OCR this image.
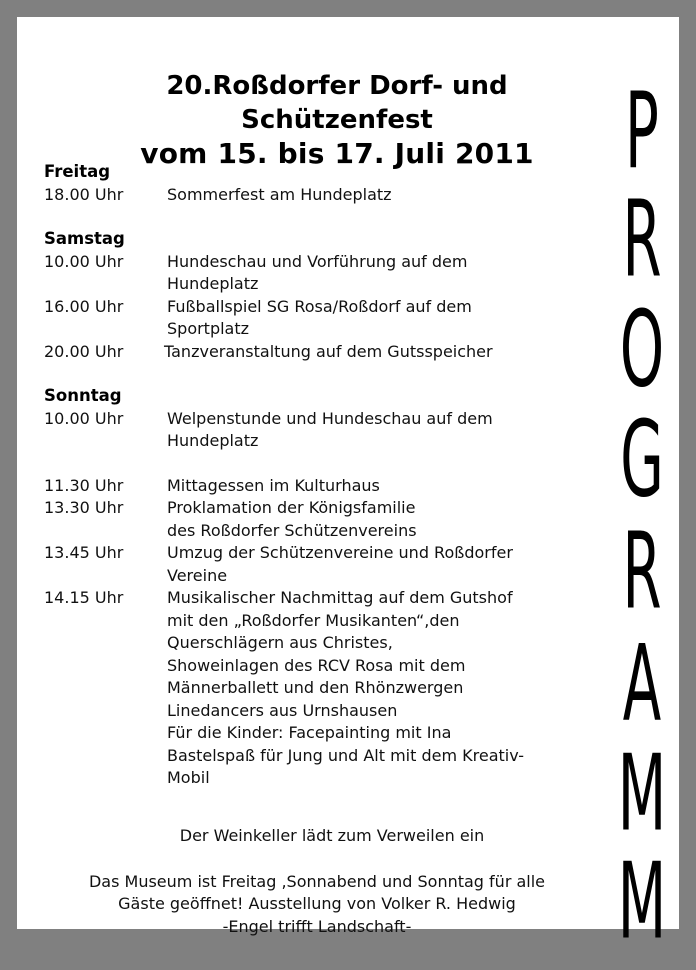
20.Roßdorfer Dorf- und
Schützenfest
vom 15. bis 17. Juli 2011
Freitag
18.00 Uhr	Sommerfest am Hundeplatz
Samstag
10.00 Uhr	Hundeschau und Vorführung auf dem
Hundeplatz
16.00 Uhr	Fußballspiel SG Rosa/Roßdorf auf dem
Sportplatz
20.00 Uhr	Tanzveranstaltung auf dem Gutsspeicher
Sonntag
10.00 Uhr	Welpenstunde und Hundeschau auf dem
Hundeplatz
11.30 Uhr	Mittagessen im Kulturhaus
13.30 Uhr	Proklamation der Königsfamilie
des Roßdorfer Schützenvereins
13.45 Uhr	Umzug der Schützenvereine und Roßdorfer
Vereine
14.15 Uhr	Musikalischer Nachmittag auf dem Gutshof
mit den „Roßdorfer Musikanten“,den
Querschlägern aus Christes,
Showeinlagen des RCV Rosa mit dem
Männerballett und den Rhönzwergen
Linedancers aus Urnshausen
Für die Kinder: Facepainting mit Ina
Bastelspaß für Jung und Alt mit dem Kreativ-
Mobil
Der Weinkeller lädt zum Verweilen ein
Das Museum ist Freitag ,Sonnabend und Sonntag für alle
Gäste geöffnet! Ausstellung von Volker R. Hedwig
-Engel trifft Landschaft-
P
R
O
G
R
A
M
M
